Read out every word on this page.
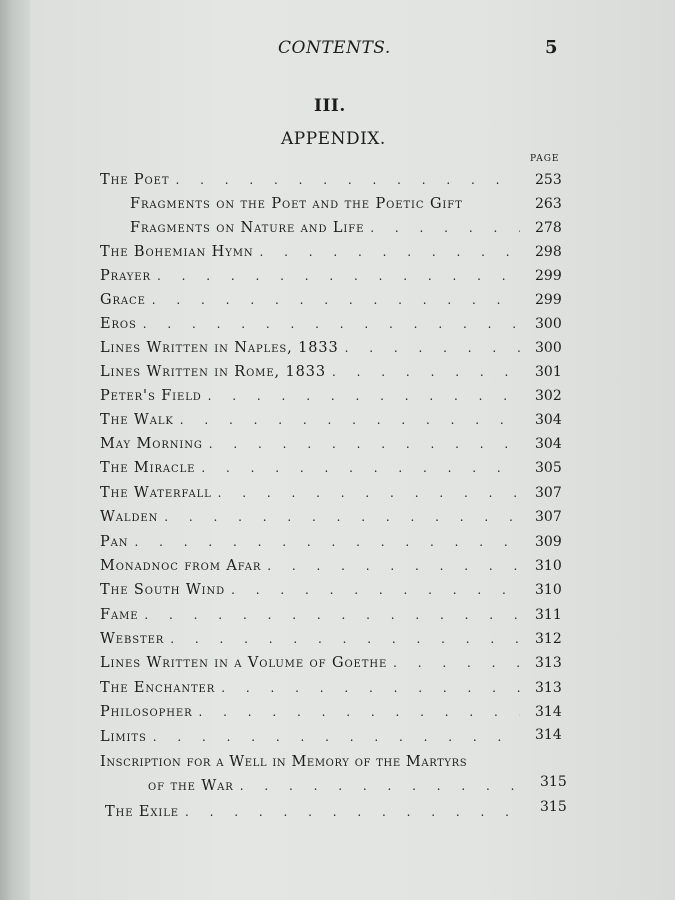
CONTENTS.	5
III.
APPENDIX.
PAGE
The Poet . . .	253
Fragments on the Poet and the Poetic Gift	263
Fragments on Nature and Life . . .	278
The Bohemian Hymn . . .	298
Prayer . . .	299
Grace . . .	299
Eros . . .	300
Lines Written in Naples, 1833 . . .	300
Lines Written in Rome, 1833 . . .	301
Peter's Field . . .	302
The Walk . . .	304
May Morning . . .	304
The Miracle . . .	305
The Waterfall . . .	307
Walden . . .	307
Pan . . .	309
Monadnoc from Afar . . .	310
The South Wind . . .	310
Fame . . .	311
Webster . . .	312
Lines Written in a Volume of Goethe . . .	313
The Enchanter . . .	313
Philosopher . . .	314
Limits . . .	314
Inscription for a Well in Memory of the Martyrs
of the War . . .	315
The Exile . . .	315
